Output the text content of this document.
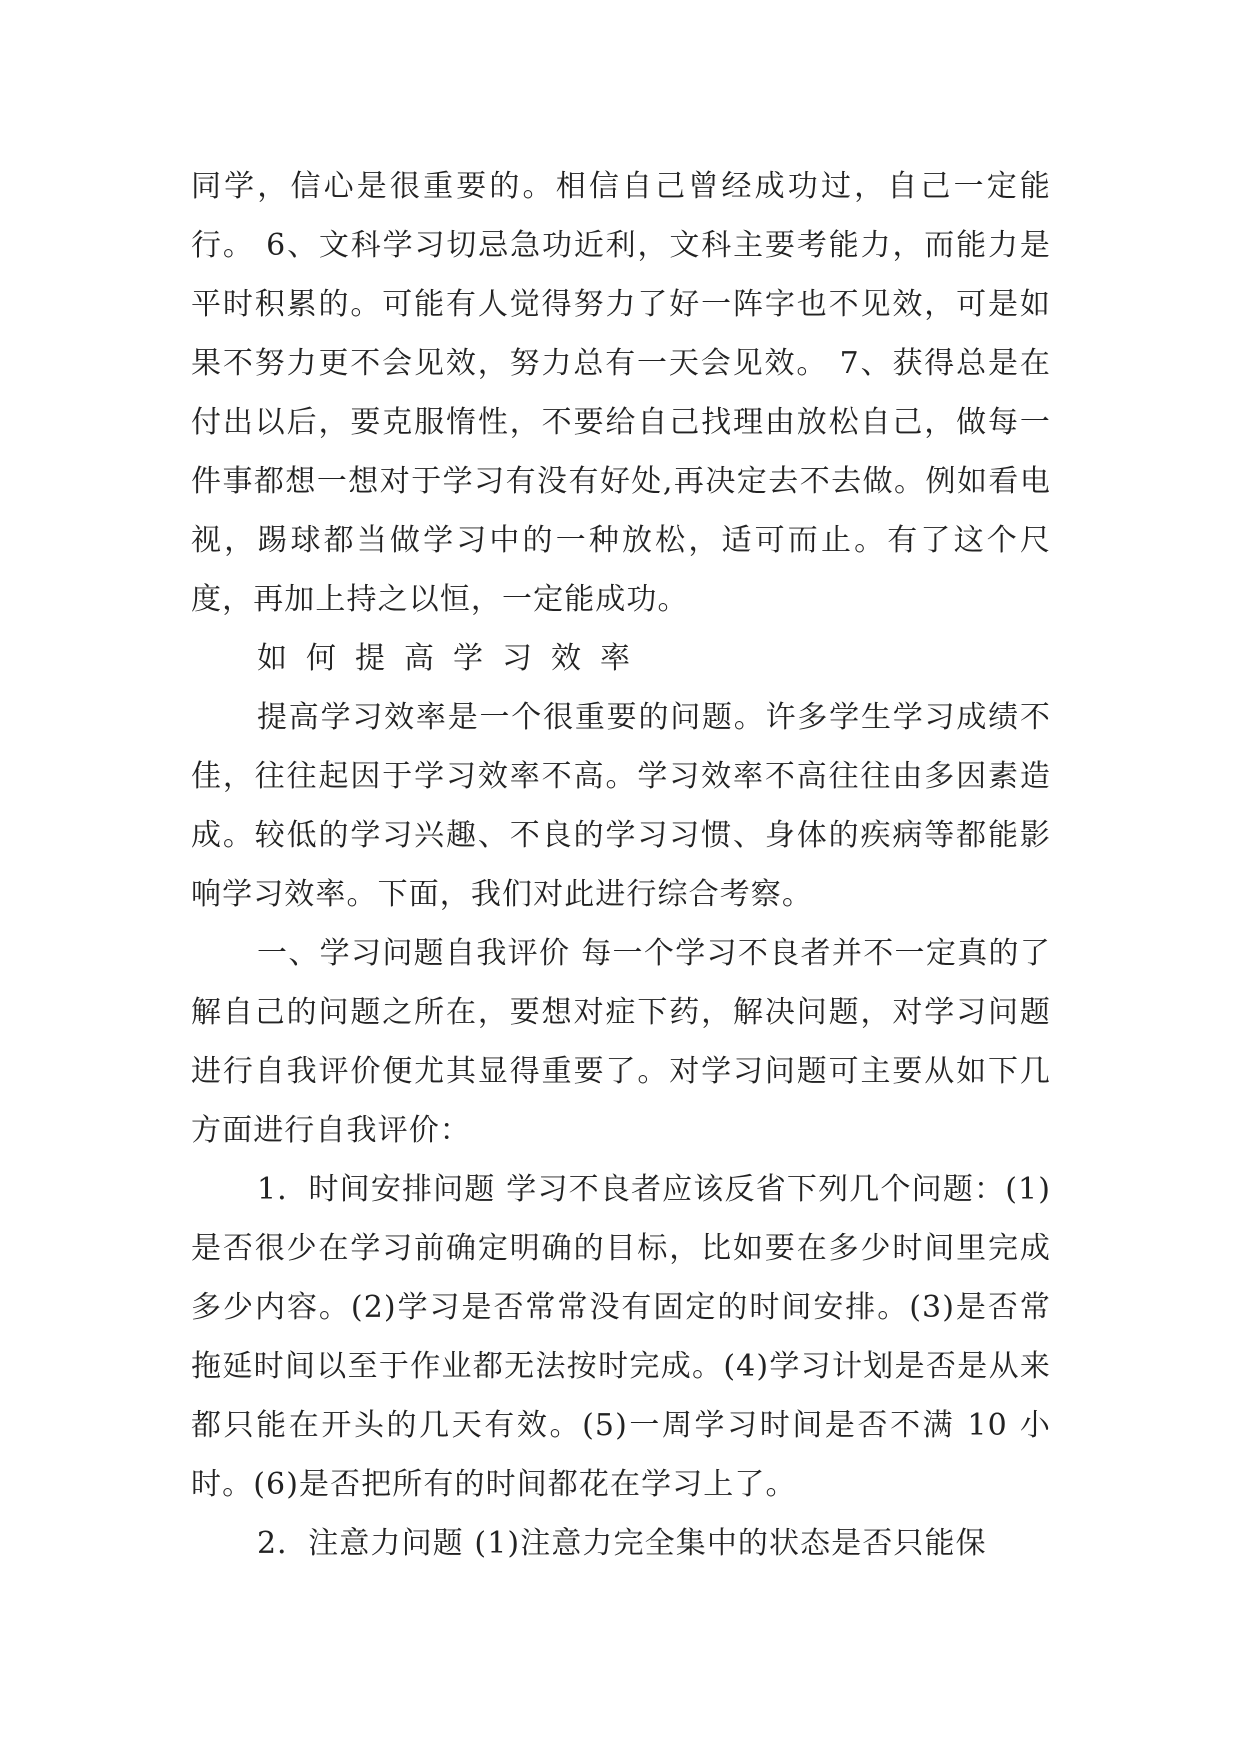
同学，信心是很重要的。相信自己曾经成功过，自己一定能行。 6、文科学习切忌急功近利，文科主要考能力，而能力是平时积累的。可能有人觉得努力了好一阵字也不见效，可是如果不努力更不会见效，努力总有一天会见效。 7、获得总是在付出以后，要克服惰性，不要给自己找理由放松自己，做每一件事都想一想对于学习有没有好处,再决定去不去做。例如看电视，踢球都当做学习中的一种放松，适可而止。有了这个尺度，再加上持之以恒，一定能成功。

如何提高学习效率

提高学习效率是一个很重要的问题。许多学生学习成绩不佳，往往起因于学习效率不高。学习效率不高往往由多因素造成。较低的学习兴趣、不良的学习习惯、身体的疾病等都能影响学习效率。下面，我们对此进行综合考察。

一、学习问题自我评价 每一个学习不良者并不一定真的了解自己的问题之所在，要想对症下药，解决问题，对学习问题进行自我评价便尤其显得重要了。对学习问题可主要从如下几方面进行自我评价：

1．时间安排问题 学习不良者应该反省下列几个问题：(1)是否很少在学习前确定明确的目标，比如要在多少时间里完成多少内容。(2)学习是否常常没有固定的时间安排。(3)是否常拖延时间以至于作业都无法按时完成。(4)学习计划是否是从来都只能在开头的几天有效。(5)一周学习时间是否不满 10 小时。(6)是否把所有的时间都花在学习上了。

2．注意力问题 (1)注意力完全集中的状态是否只能保
